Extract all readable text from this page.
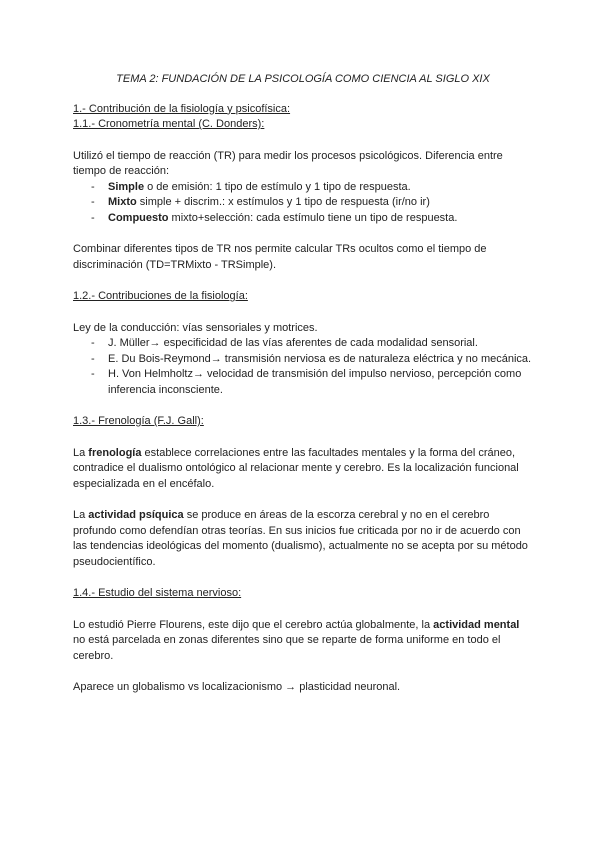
TEMA 2: FUNDACIÓN DE LA PSICOLOGÍA COMO CIENCIA AL SIGLO XIX

1.- Contribución de la fisiología y psicofísica:

1.1.- Cronometría mental (C. Donders):

Utilizó el tiempo de reacción (TR) para medir los procesos psicológicos. Diferencia entre tiempo de reacción:

- Simple o de emisión: 1 tipo de estímulo y 1 tipo de respuesta.
- Mixto simple + discrim.: x estímulos y 1 tipo de respuesta (ir/no ir)
- Compuesto mixto+selección: cada estímulo tiene un tipo de respuesta.

Combinar diferentes tipos de TR nos permite calcular TRs ocultos como el tiempo de discriminación (TD=TRMixto - TRSimple).

1.2.- Contribuciones de la fisiología:

Ley de la conducción: vías sensoriales y motrices.

- J. Müller→ especificidad de las vías aferentes de cada modalidad sensorial.
- E. Du Bois-Reymond→ transmisión nerviosa es de naturaleza eléctrica y no mecánica.
- H. Von Helmholtz→ velocidad de transmisión del impulso nervioso, percepción como inferencia inconsciente.

1.3.- Frenología (F.J. Gall):

La frenología establece correlaciones entre las facultades mentales y la forma del cráneo, contradice el dualismo ontológico al relacionar mente y cerebro. Es la localización funcional especializada en el encéfalo.

La actividad psíquica se produce en áreas de la escorza cerebral y no en el cerebro profundo como defendían otras teorías. En sus inicios fue criticada por no ir de acuerdo con las tendencias ideológicas del momento (dualismo), actualmente no se acepta por su método pseudocientífico.

1.4.- Estudio del sistema nervioso:

Lo estudió Pierre Flourens, este dijo que el cerebro actúa globalmente, la actividad mental no está parcelada en zonas diferentes sino que se reparte de forma uniforme en todo el cerebro.

Aparece un globalismo vs localizacionismo → plasticidad neuronal.
